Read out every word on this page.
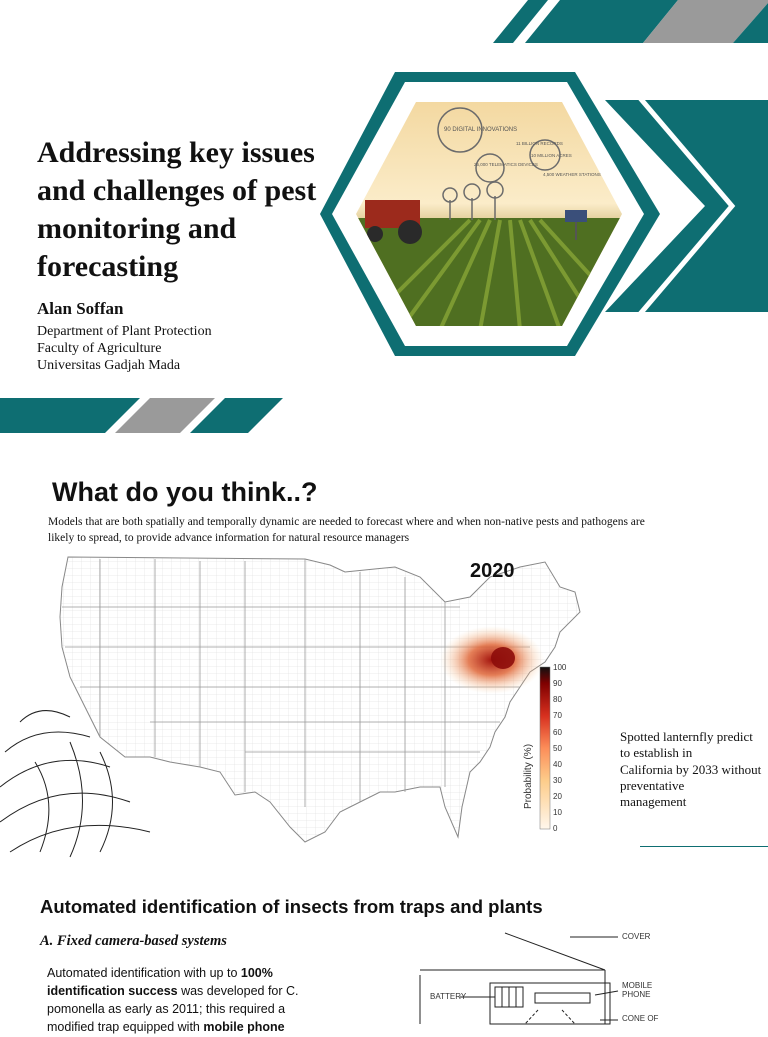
90 DIGITAL INNOVATIONS
11 BILLION RECORDS
10 MILLION ACRES
25,000 TELEMATICS DEVICES
4,500 WEATHER STATIONS
Addressing key issues
and challenges of pest
monitoring and
forecasting
Alan Soffan
Department of Plant Protection
Faculty of Agriculture
Universitas Gadjah Mada
What do you think..?
Models that are both spatially and temporally dynamic are needed to forecast where and when non-native pests and pathogens are likely to spread, to provide advance information for natural resource managers
2020
100
90
80
70
60
50
40
30
20
10
0
Probability (%)
Spotted lanternfly predict
to establish in
California by 2033 without
preventative
management
Automated identification of insects from traps and plants
A. Fixed camera-based systems
Automated identification with up to 100% identification success was developed for C. pomonella as early as 2011; this required a modified trap equipped with mobile phone
COVER
BATTERY
MOBILE
PHONE
CONE OF
